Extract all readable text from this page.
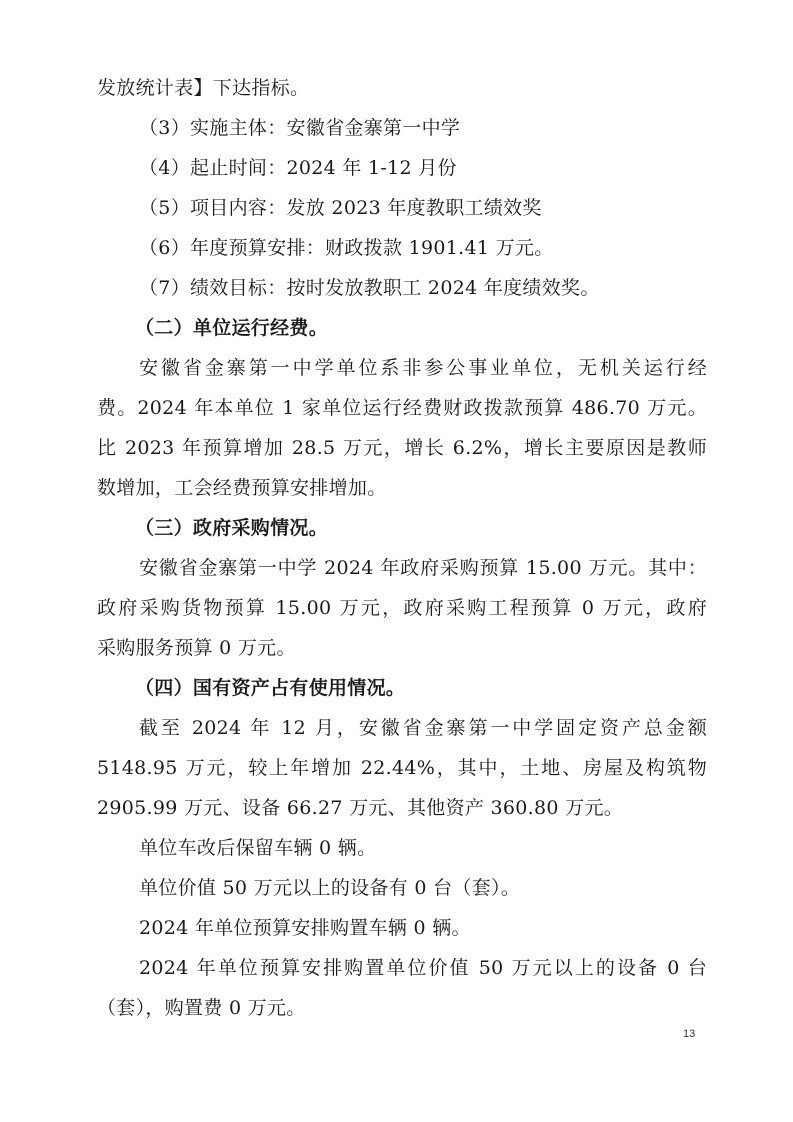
发放统计表】下达指标。
（3）实施主体：安徽省金寨第一中学
（4）起止时间：2024 年 1-12 月份
（5）项目内容：发放 2023 年度教职工绩效奖
（6）年度预算安排：财政拨款 1901.41 万元。
（7）绩效目标：按时发放教职工 2024 年度绩效奖。
（二）单位运行经费。
安徽省金寨第一中学单位系非参公事业单位，无机关运行经
费。2024 年本单位 1 家单位运行经费财政拨款预算 486.70 万元。
比 2023 年预算增加 28.5 万元，增长 6.2%，增长主要原因是教师
数增加，工会经费预算安排增加。
（三）政府采购情况。
安徽省金寨第一中学 2024 年政府采购预算 15.00 万元。其中：
政府采购货物预算 15.00 万元，政府采购工程预算 0 万元，政府
采购服务预算 0 万元。
（四）国有资产占有使用情况。
截至 2024 年 12 月，安徽省金寨第一中学固定资产总金额
5148.95 万元，较上年增加 22.44%，其中，土地、房屋及构筑物
2905.99 万元、设备 66.27 万元、其他资产 360.80 万元。
单位车改后保留车辆 0 辆。
单位价值 50 万元以上的设备有 0 台（套）。
2024 年单位预算安排购置车辆 0 辆。
2024 年单位预算安排购置单位价值 50 万元以上的设备 0 台
（套），购置费 0 万元。
13
